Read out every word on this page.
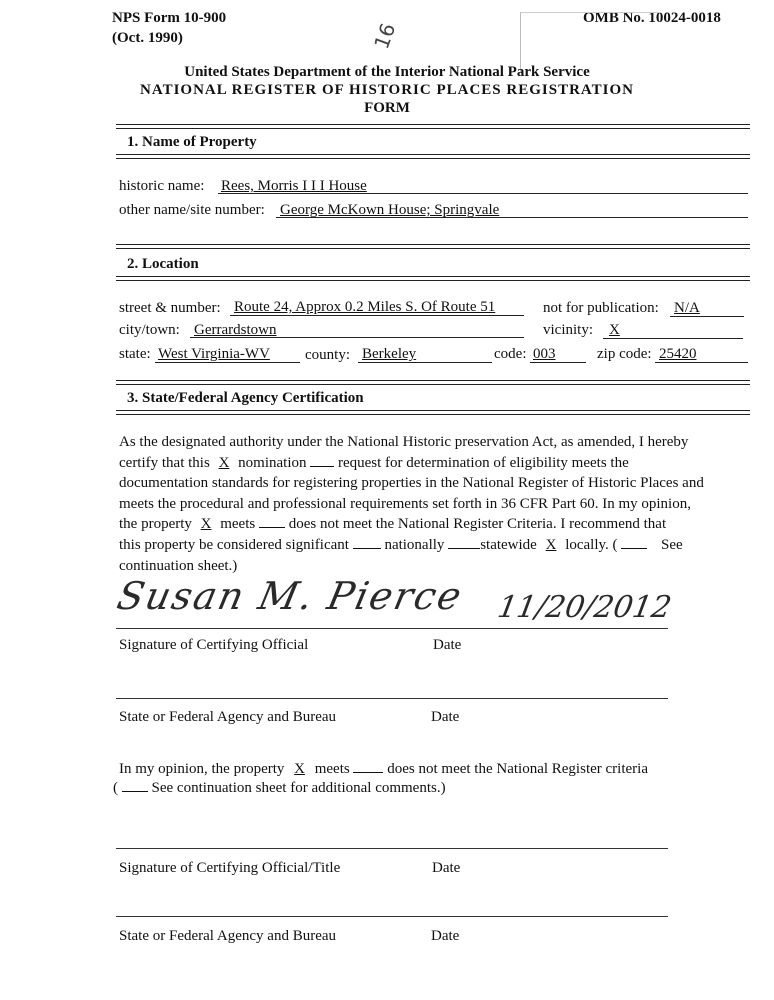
NPS Form 10-900
(Oct. 1990)
OMB No. 10024-0018
16
United States Department of the Interior National Park Service
NATIONAL REGISTER OF HISTORIC PLACES REGISTRATION
FORM
1. Name of Property
historic name: Rees, Morris I I I House
other name/site number: George McKown House; Springvale
2. Location
street & number: Route 24, Approx 0.2 Miles S. Of Route 51	not for publication: N/A
city/town: Gerrardstown	vicinity: X
state: West Virginia-WV county: Berkeley	code: 003	zip code: 25420
3. State/Federal Agency Certification
As the designated authority under the National Historic preservation Act, as amended, I hereby
certify that this X nomination request for determination of eligibility meets the
documentation standards for registering properties in the National Register of Historic Places and
meets the procedural and professional requirements set forth in 36 CFR Part 60. In my opinion,
the property X meets does not meet the National Register Criteria. I recommend that
this property be considered significant nationally statewide X locally. (	See
continuation sheet.)
Susan M. Pierce 11/20/2012
Signature of Certifying Official	Date
State or Federal Agency and Bureau	Date
In my opinion, the property X meets	does not meet the National Register criteria
( See continuation sheet for additional comments.)
Signature of Certifying Official/Title	Date
State or Federal Agency and Bureau	Date
